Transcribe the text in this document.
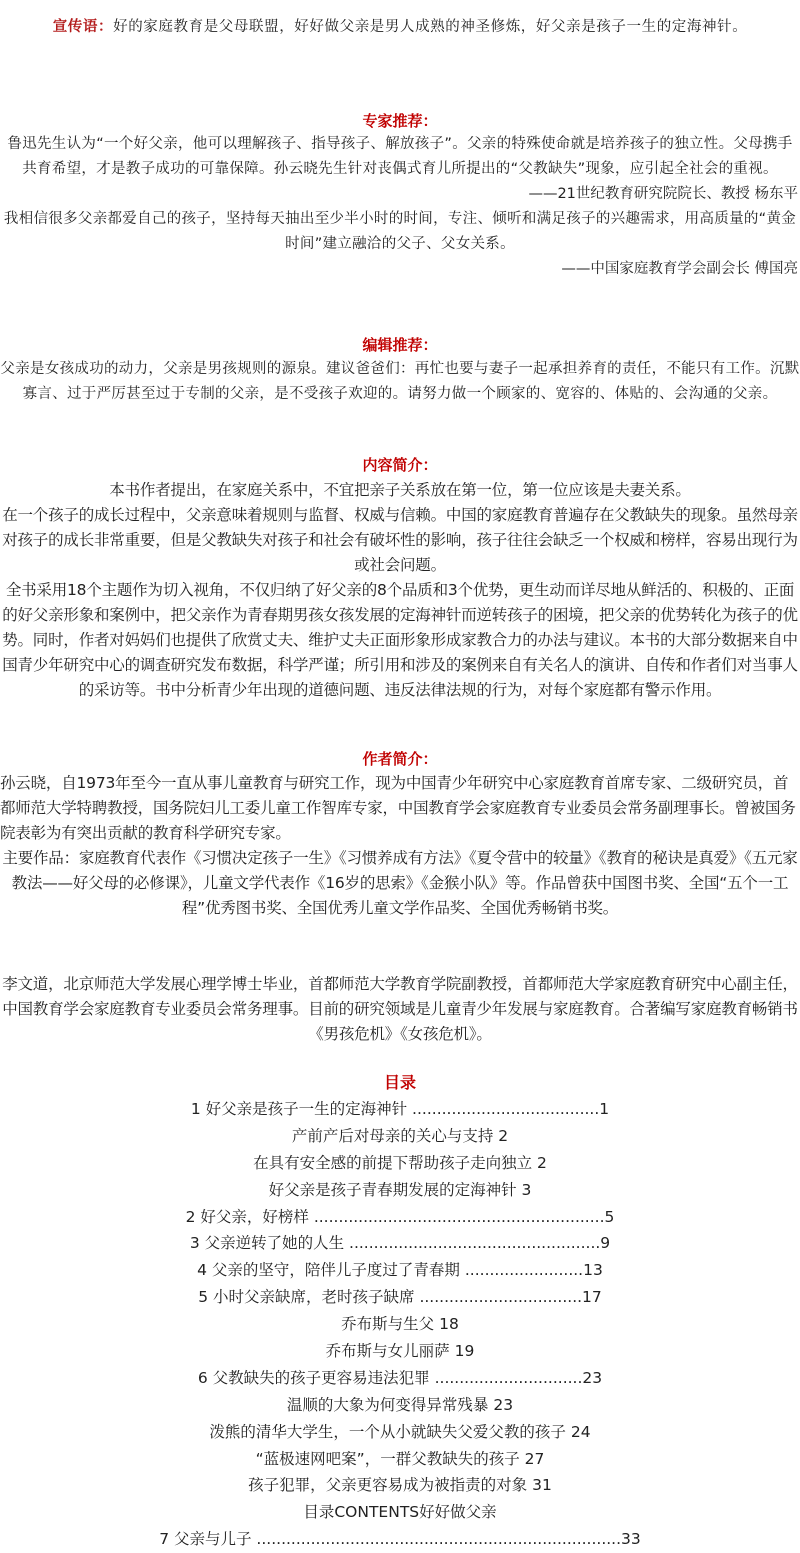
宣传语：好的家庭教育是父母联盟，好好做父亲是男人成熟的神圣修炼，好父亲是孩子一生的定海神针。
专家推荐：

鲁迅先生认为“一个好父亲，他可以理解孩子、指导孩子、解放孩子”。父亲的特殊使命就是培养孩子的独立性。父母携手共育希望，才是教子成功的可靠保障。孙云晓先生针对丧偶式育儿所提出的“父教缺失”现象，应引起全社会的重视。

——21世纪教育研究院院长、教授 杨东平

我相信很多父亲都爱自己的孩子，坚持每天抽出至少半小时的时间，专注、倾听和满足孩子的兴趣需求，用高质量的“黄金时间”建立融洽的父子、父女关系。

——中国家庭教育学会副会长 傅国亮

编辑推荐：

父亲是女孩成功的动力，父亲是男孩规则的源泉。建议爸爸们：再忙也要与妻子一起承担养育的责任，不能只有工作。沉默寡言、过于严厉甚至过于专制的父亲，是不受孩子欢迎的。请努力做一个顾家的、宽容的、体贴的、会沟通的父亲。

内容简介：

本书作者提出，在家庭关系中，不宜把亲子关系放在第一位，第一位应该是夫妻关系。

在一个孩子的成长过程中，父亲意味着规则与监督、权威与信赖。中国的家庭教育普遍存在父教缺失的现象。虽然母亲对孩子的成长非常重要，但是父教缺失对孩子和社会有破坏性的影响，孩子往往会缺乏一个权威和榜样，容易出现行为或社会问题。

全书采用18个主题作为切入视角，不仅归纳了好父亲的8个品质和3个优势，更生动而详尽地从鲜活的、积极的、正面的好父亲形象和案例中，把父亲作为青春期男孩女孩发展的定海神针而逆转孩子的困境，把父亲的优势转化为孩子的优势。同时，作者对妈妈们也提供了欣赏丈夫、维护丈夫正面形象形成家教合力的办法与建议。本书的大部分数据来自中国青少年研究中心的调查研究发布数据，科学严谨；所引用和涉及的案例来自有关名人的演讲、自传和作者们对当事人的采访等。书中分析青少年出现的道德问题、违反法律法规的行为，对每个家庭都有警示作用。

作者简介：

孙云晓，自1973年至今一直从事儿童教育与研究工作，现为中国青少年研究中心家庭教育首席专家、二级研究员，首都师范大学特聘教授，国务院妇儿工委儿童工作智库专家，中国教育学会家庭教育专业委员会常务副理事长。曾被国务院表彰为有突出贡献的教育科学研究专家。

主要作品：家庭教育代表作《习惯决定孩子一生》《习惯养成有方法》《夏令营中的较量》《教育的秘诀是真爱》《五元家教法——好父母的必修课》，儿童文学代表作《16岁的思索》《金猴小队》等。作品曾获中国图书奖、全国“五个一工程”优秀图书奖、全国优秀儿童文学作品奖、全国优秀畅销书奖。

李文道，北京师范大学发展心理学博士毕业，首都师范大学教育学院副教授，首都师范大学家庭教育研究中心副主任，中国教育学会家庭教育专业委员会常务理事。目前的研究领域是儿童青少年发展与家庭教育。合著编写家庭教育畅销书《男孩危机》《女孩危机》。

目录
1 好父亲是孩子一生的定海神针 ......................................1
产前产后对母亲的关心与支持 2
在具有安全感的前提下帮助孩子走向独立 2
好父亲是孩子青春期发展的定海神针 3
2 好父亲，好榜样 ...........................................................5
3 父亲逆转了她的人生 ...................................................9
4 父亲的坚守，陪伴儿子度过了青春期 ........................13
5 小时父亲缺席，老时孩子缺席 .................................17
乔布斯与生父 18
乔布斯与女儿丽萨 19
6 父教缺失的孩子更容易违法犯罪 ..............................23
温顺的大象为何变得异常残暴 23
泼熊的清华大学生，一个从小就缺失父爱父教的孩子 24
“蓝极速网吧案”，一群父教缺失的孩子 27
孩子犯罪，父亲更容易成为被指责的对象 31
目录CONTENTS好好做父亲
7 父亲与儿子 ..........................................................................33
